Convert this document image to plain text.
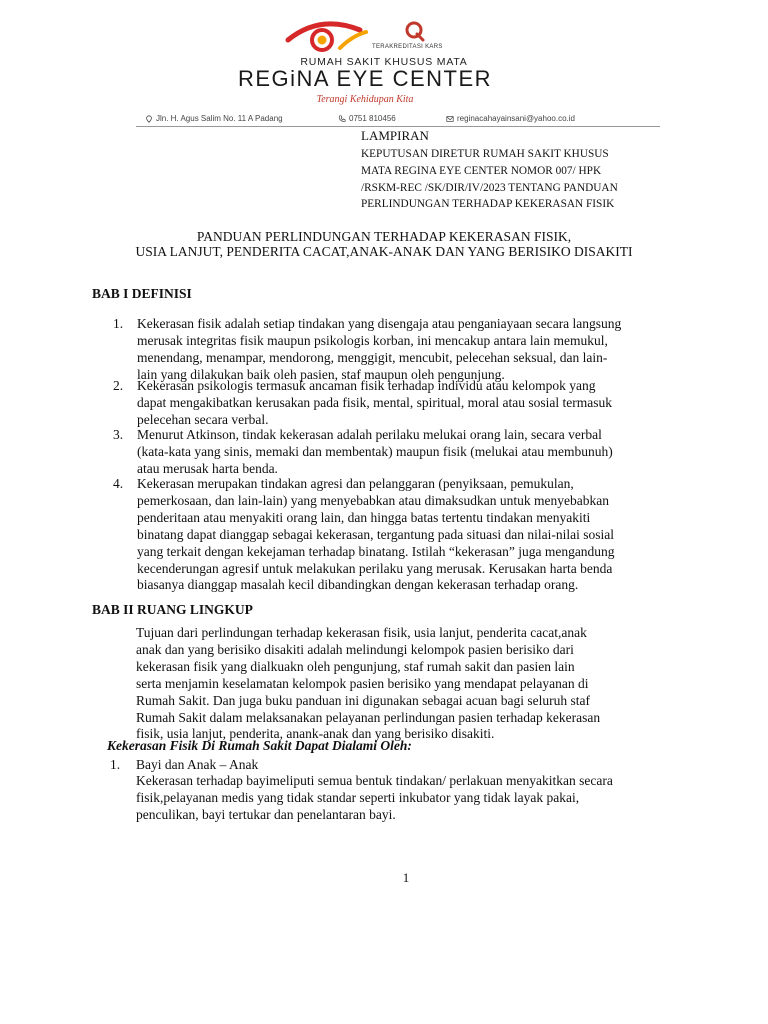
TERAKREDITASI KARS
RUMAH SAKIT KHUSUS MATA
REGiNA EYE CENTER
Terangi Kehidupan Kita
Jln. H. Agus Salim No. 11 A Padang	0751 810456	reginacahayainsani@yahoo.co.id
LAMPIRAN
KEPUTUSAN DIRETUR RUMAH SAKIT KHUSUS
MATA REGINA EYE CENTER NOMOR 007/ HPK
/RSKM-REC /SK/DIR/IV/2023 TENTANG PANDUAN
PERLINDUNGAN TERHADAP KEKERASAN FISIK
PANDUAN PERLINDUNGAN TERHADAP KEKERASAN FISIK,
USIA LANJUT, PENDERITA CACAT,ANAK-ANAK DAN YANG BERISIKO DISAKITI
BAB I DEFINISI
1. Kekerasan fisik adalah setiap tindakan yang disengaja atau penganiayaan secara langsung
merusak integritas fisik maupun psikologis korban, ini mencakup antara lain memukul,
menendang, menampar, mendorong, menggigit, mencubit, pelecehan seksual, dan lain-
lain yang dilakukan baik oleh pasien, staf maupun oleh pengunjung.
2. Kekerasan psikologis termasuk ancaman fisik terhadap individu atau kelompok yang
dapat mengakibatkan kerusakan pada fisik, mental, spiritual, moral atau sosial termasuk
pelecehan secara verbal.
3. Menurut Atkinson, tindak kekerasan adalah perilaku melukai orang lain, secara verbal
(kata-kata yang sinis, memaki dan membentak) maupun fisik (melukai atau membunuh)
atau merusak harta benda.
4. Kekerasan merupakan tindakan agresi dan pelanggaran (penyiksaan, pemukulan,
pemerkosaan, dan lain-lain) yang menyebabkan atau dimaksudkan untuk menyebabkan
penderitaan atau menyakiti orang lain, dan hingga batas tertentu tindakan menyakiti
binatang dapat dianggap sebagai kekerasan, tergantung pada situasi dan nilai-nilai sosial
yang terkait dengan kekejaman terhadap binatang. Istilah “kekerasan” juga mengandung
kecenderungan agresif untuk melakukan perilaku yang merusak. Kerusakan harta benda
biasanya dianggap masalah kecil dibandingkan dengan kekerasan terhadap orang.
BAB II RUANG LINGKUP
Tujuan dari perlindungan terhadap kekerasan fisik, usia lanjut, penderita cacat,anak
anak dan yang berisiko disakiti adalah melindungi kelompok pasien berisiko dari
kekerasan fisik yang dialkuakn oleh pengunjung, staf rumah sakit dan pasien lain
serta menjamin keselamatan kelompok pasien berisiko yang mendapat pelayanan di
Rumah Sakit. Dan juga buku panduan ini digunakan sebagai acuan bagi seluruh staf
Rumah Sakit dalam melaksanakan pelayanan perlindungan pasien terhadap kekerasan
fisik, usia lanjut, penderita, anank-anak dan yang berisiko disakiti.
Kekerasan Fisik Di Rumah Sakit Dapat Dialami Oleh:
1. Bayi dan Anak – Anak
Kekerasan terhadap bayimeliputi semua bentuk tindakan/ perlakuan menyakitkan secara
fisik,pelayanan medis yang tidak standar seperti inkubator yang tidak layak pakai,
penculikan, bayi tertukar dan penelantaran bayi.
1
